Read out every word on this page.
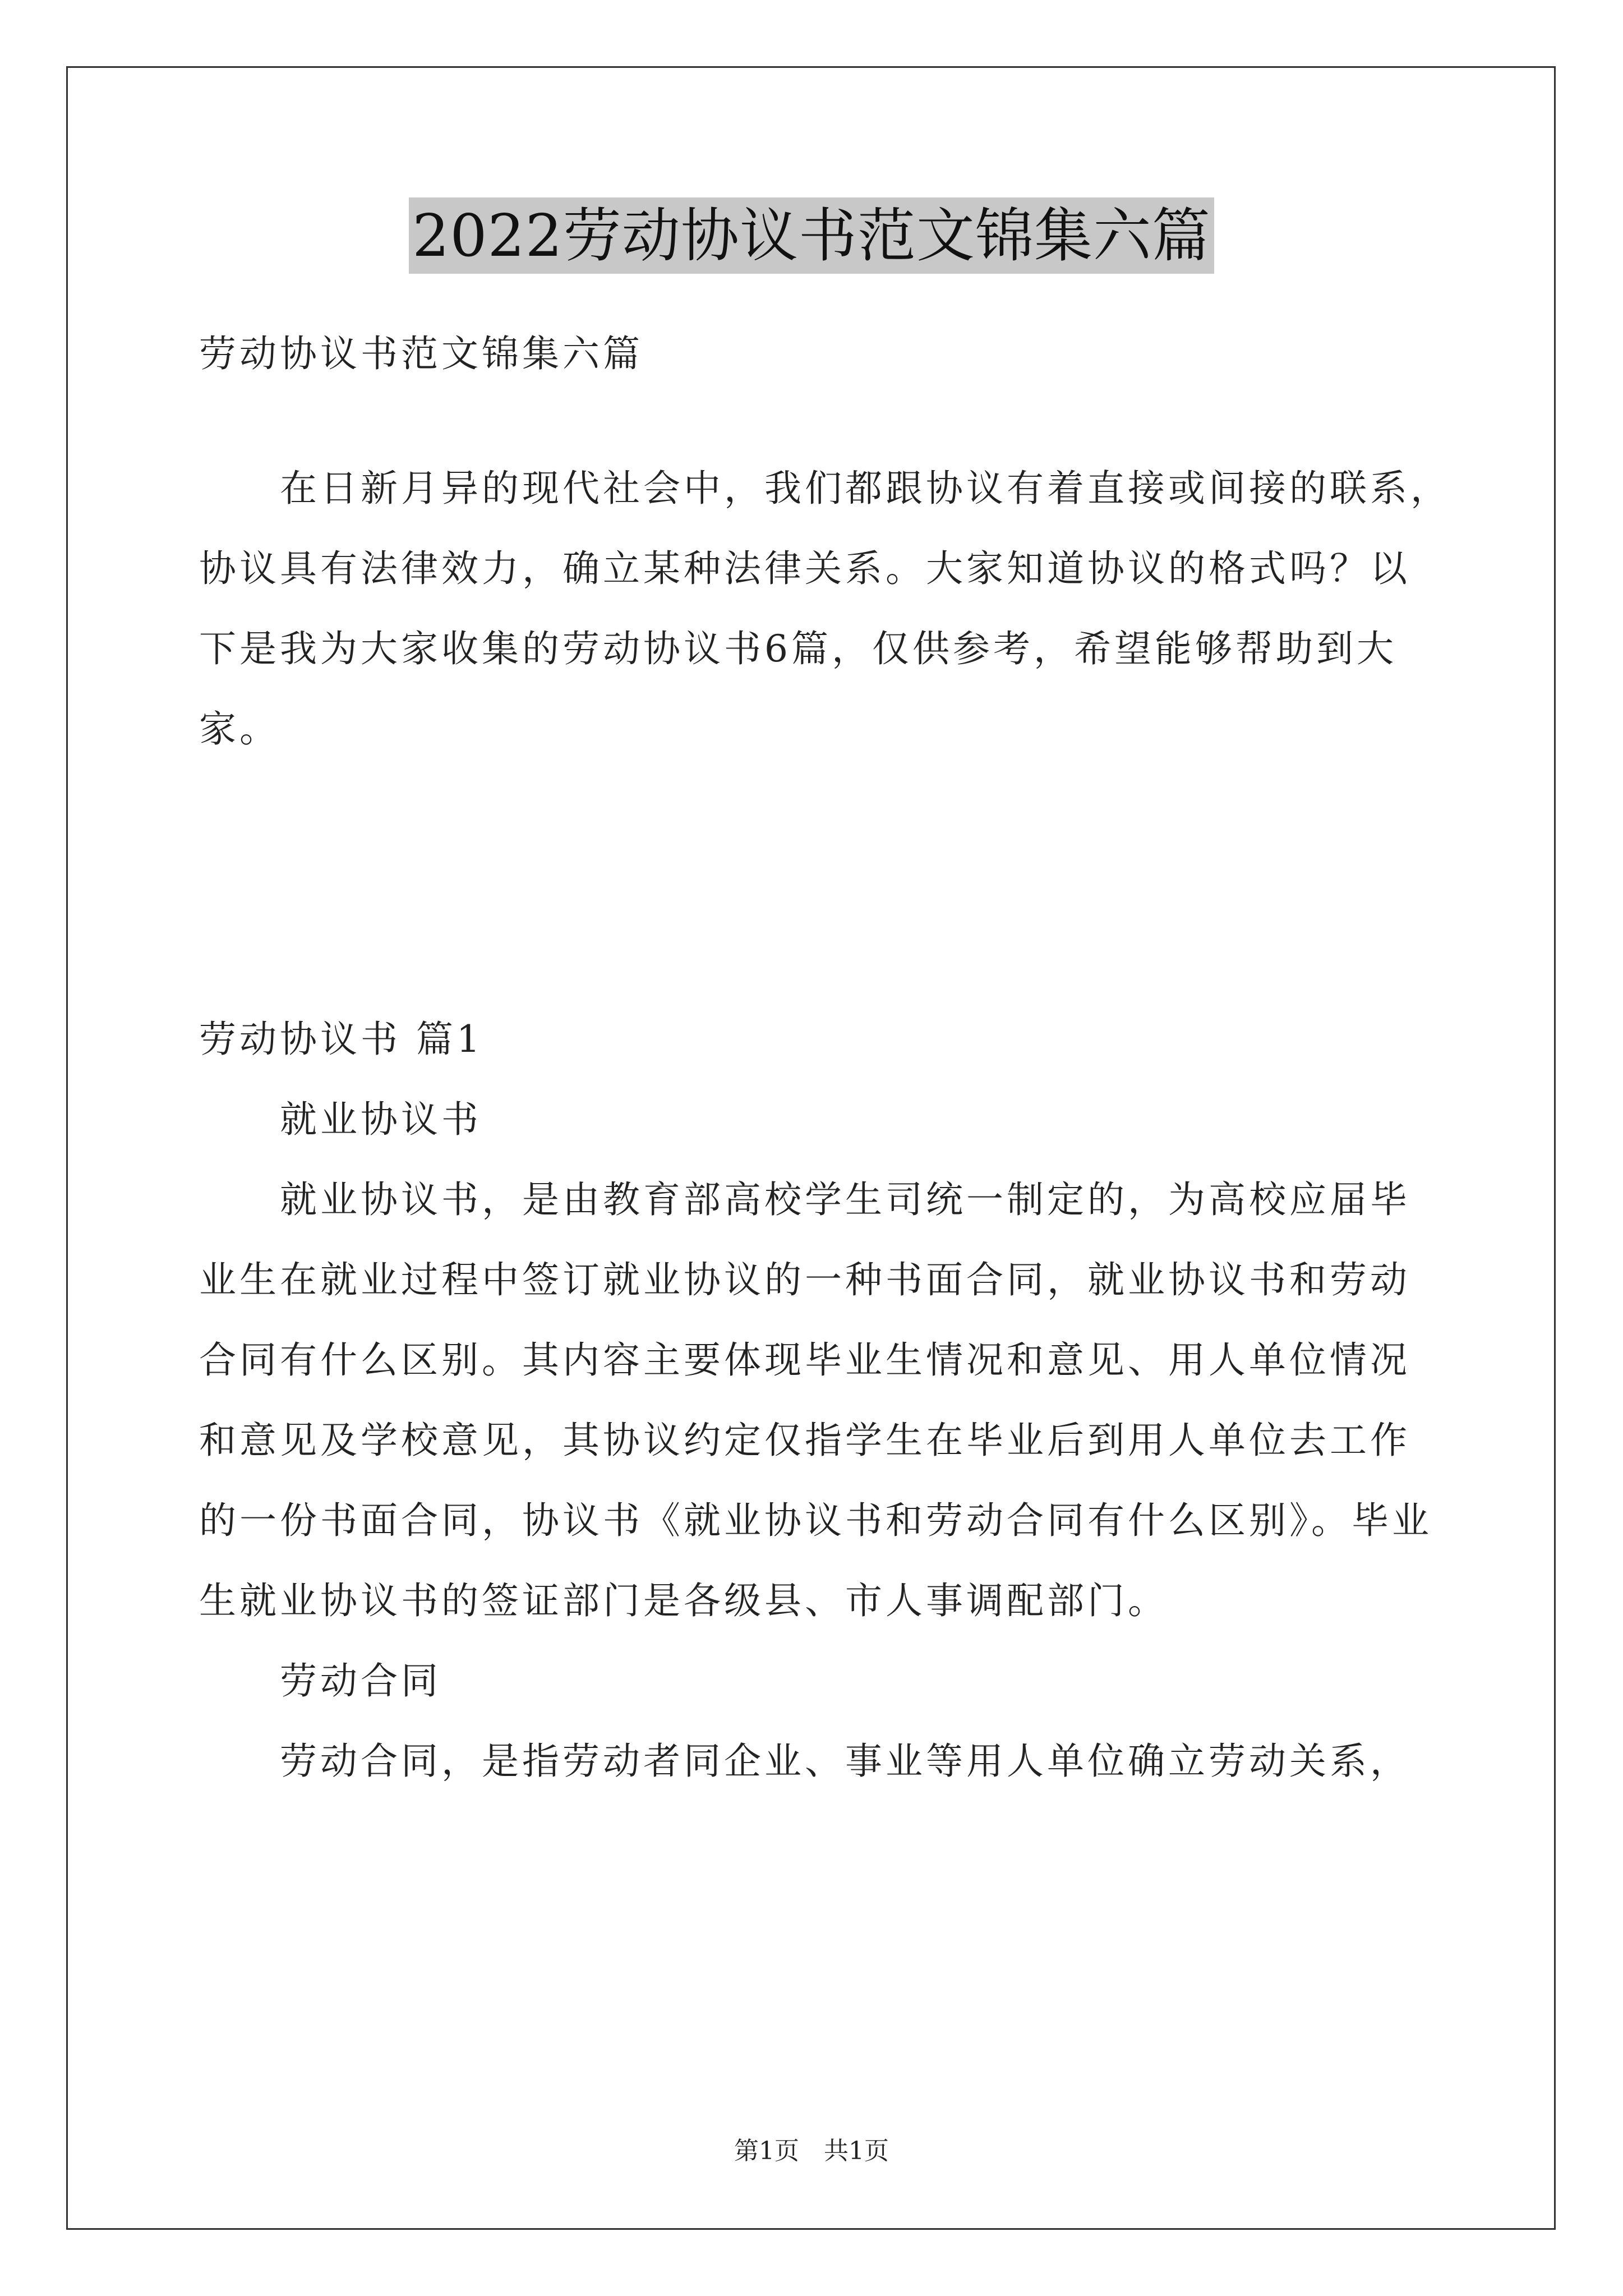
2022劳动协议书范文锦集六篇
劳动协议书范文锦集六篇
在日新月异的现代社会中，我们都跟协议有着直接或间接的联系，
协议具有法律效力，确立某种法律关系。大家知道协议的格式吗？以
下是我为大家收集的劳动协议书6篇，仅供参考，希望能够帮助到大
家。
劳动协议书 篇1
就业协议书
就业协议书，是由教育部高校学生司统一制定的，为高校应届毕
业生在就业过程中签订就业协议的一种书面合同，就业协议书和劳动
合同有什么区别。其内容主要体现毕业生情况和意见、用人单位情况
和意见及学校意见，其协议约定仅指学生在毕业后到用人单位去工作
的一份书面合同，协议书《就业协议书和劳动合同有什么区别》。毕业
生就业协议书的签证部门是各级县、市人事调配部门。
劳动合同
劳动合同，是指劳动者同企业、事业等用人单位确立劳动关系，
第1页 共1页
